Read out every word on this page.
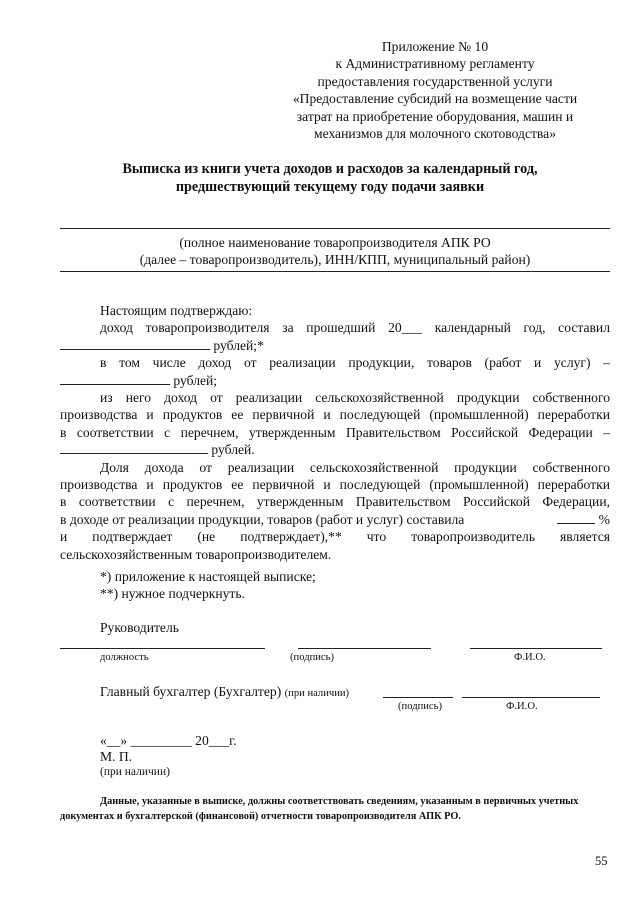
Приложение № 10
к Административному регламенту
предоставления государственной услуги
«Предоставление субсидий на возмещение части
затрат на приобретение оборудования, машин и
механизмов для молочного скотоводства»
Выписка из книги учета доходов и расходов за календарный год,
предшествующий текущему году подачи заявки
(полное наименование товаропроизводителя АПК РО
(далее – товаропроизводитель), ИНН/КПП, муниципальный район)
Настоящим подтверждаю:
доход товаропроизводителя за прошедший 20___ календарный год, составил
рублей;*
в том числе доход от реализации продукции, товаров (работ и услуг) –
рублей;
из него доход от реализации сельскохозяйственной продукции собственного
производства и продуктов ее первичной и последующей (промышленной) переработки
в соответствии с перечнем, утвержденным Правительством Российской Федерации –
рублей.
Доля дохода от реализации сельскохозяйственной продукции собственного
производства и продуктов ее первичной и последующей (промышленной) переработки
в соответствии с перечнем, утвержденным Правительством Российской Федерации,
в доходе от реализации продукции, товаров (работ и услуг) составила	%
и подтверждает (не подтверждает),** что товаропроизводитель является
сельскохозяйственным товаропроизводителем.
*) приложение к настоящей выписке;
**) нужное подчеркнуть.
Руководитель
должность	(подпись)	Ф.И.О.
Главный бухгалтер (Бухгалтер) (при наличии)
(подпись)	Ф.И.О.
«__» _________ 20___г.
М. П.
(при наличии)
Данные, указанные в выписке, должны соответствовать сведениям, указанным в первичных учетных документах и бухгалтерской (финансовой) отчетности товаропроизводителя АПК РО.
55
